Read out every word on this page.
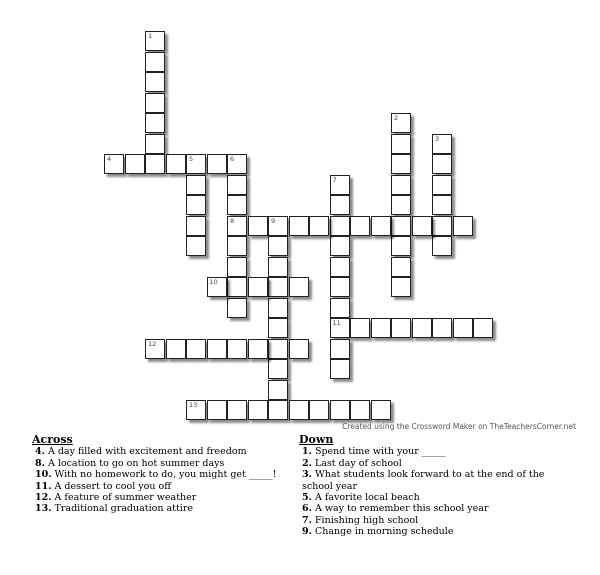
1
2
3
4	5	6
8
7
11
9
10
12
13
Created using the Crossword Maker on TheTeachersCorner.net
Across
4. A day filled with excitement and freedom
8. A location to go on hot summer days
10. With no homework to do, you might get _____!
11. A dessert to cool you off
12. A feature of summer weather
13. Traditional graduation attire
Down
1. Spend time with your _____
2. Last day of school
3. What students look forward to at the end of the school year
5. A favorite local beach
6. A way to remember this school year
7. Finishing high school
9. Change in morning schedule
